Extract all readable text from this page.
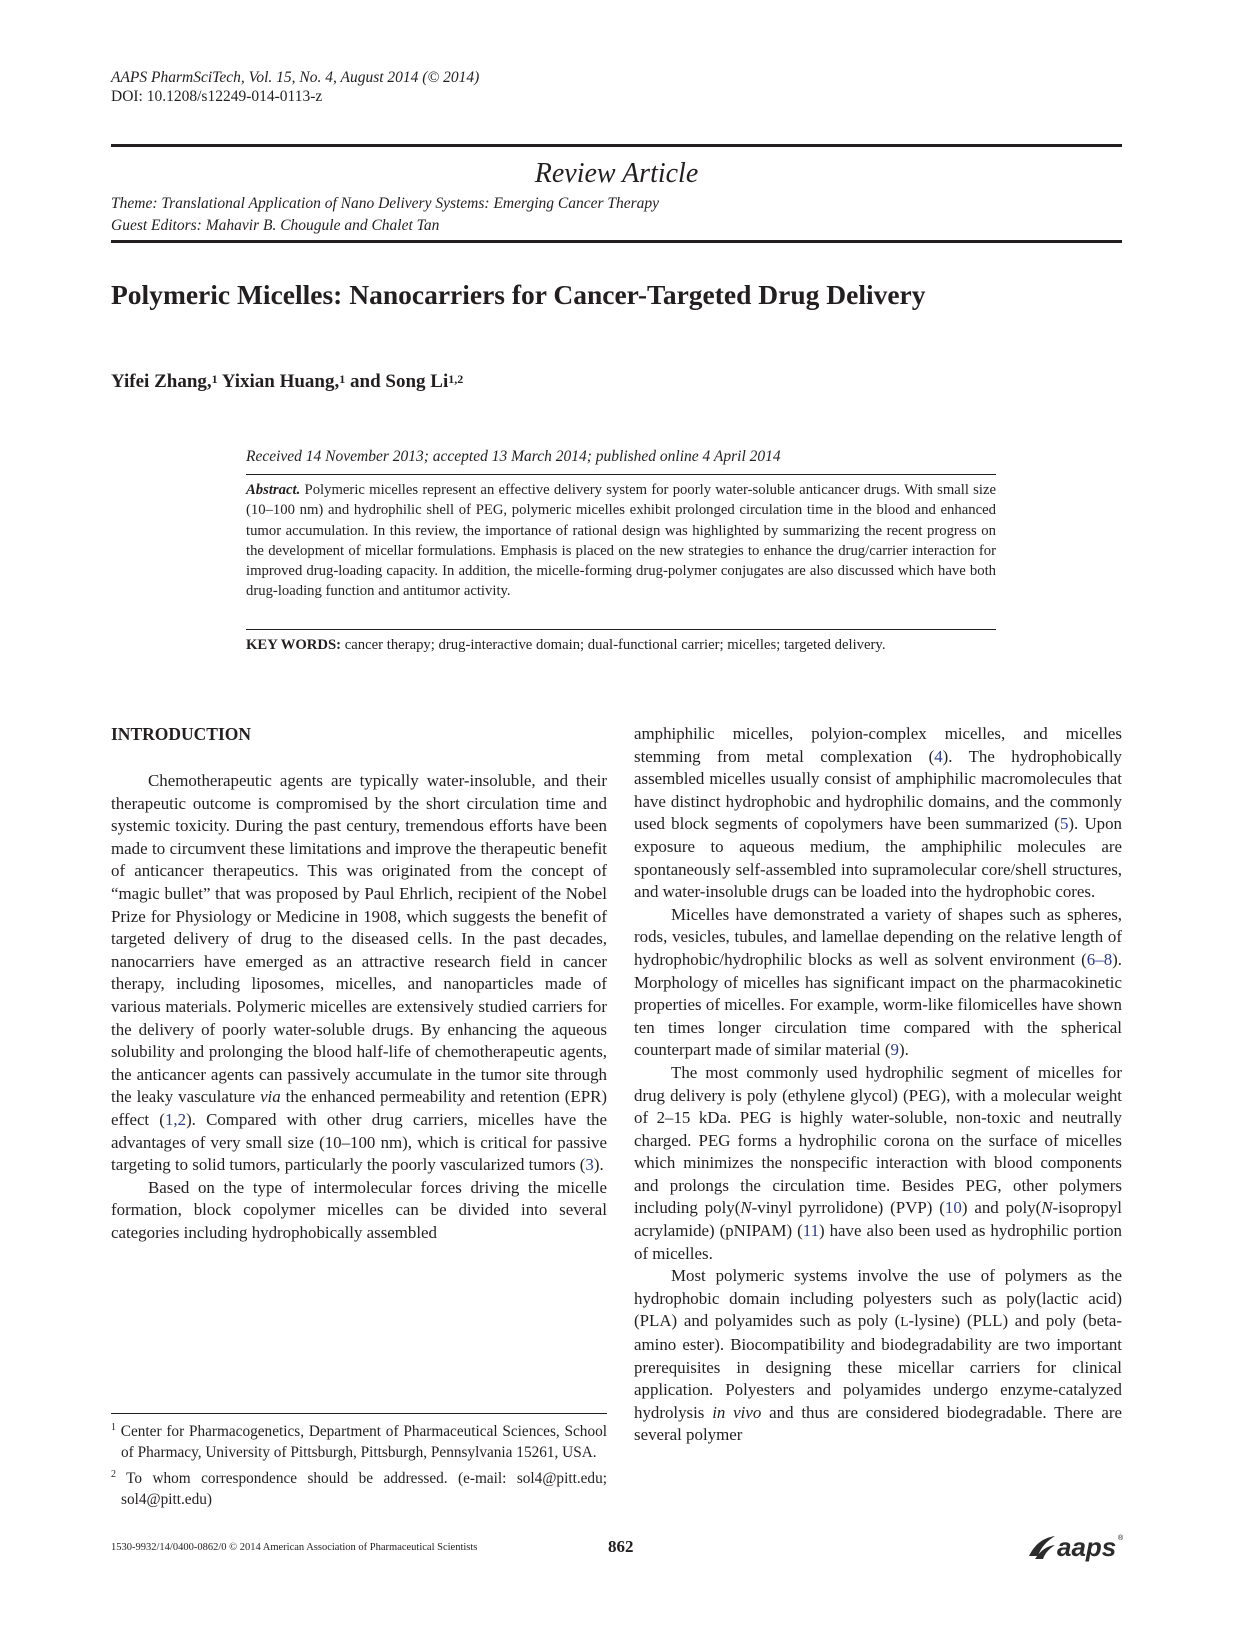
AAPS PharmSciTech, Vol. 15, No. 4, August 2014 (© 2014)
DOI: 10.1208/s12249-014-0113-z
Review Article
Theme: Translational Application of Nano Delivery Systems: Emerging Cancer Therapy
Guest Editors: Mahavir B. Chougule and Chalet Tan
Polymeric Micelles: Nanocarriers for Cancer-Targeted Drug Delivery
Yifei Zhang,$^1$ Yixian Huang,$^1$ and Song Li$^{1,2}$
Received 14 November 2013; accepted 13 March 2014; published online 4 April 2014
Abstract. Polymeric micelles represent an effective delivery system for poorly water-soluble anticancer drugs. With small size (10–100 nm) and hydrophilic shell of PEG, polymeric micelles exhibit prolonged circulation time in the blood and enhanced tumor accumulation. In this review, the importance of rational design was highlighted by summarizing the recent progress on the development of micellar formulations. Emphasis is placed on the new strategies to enhance the drug/carrier interaction for improved drug-loading capacity. In addition, the micelle-forming drug-polymer conjugates are also discussed which have both drug-loading function and antitumor activity.
KEY WORDS: cancer therapy; drug-interactive domain; dual-functional carrier; micelles; targeted delivery.
INTRODUCTION

Chemotherapeutic agents are typically water-insoluble, and their therapeutic outcome is compromised by the short circulation time and systemic toxicity. During the past century, tremendous efforts have been made to circumvent these limitations and improve the therapeutic benefit of anticancer therapeutics. This was originated from the concept of “magic bullet” that was proposed by Paul Ehrlich, recipient of the Nobel Prize for Physiology or Medicine in 1908, which suggests the benefit of targeted delivery of drug to the diseased cells. In the past decades, nanocarriers have emerged as an attractive research field in cancer therapy, including liposomes, micelles, and nanoparticles made of various materials. Polymeric micelles are extensively studied carriers for the delivery of poorly water-soluble drugs. By enhancing the aqueous solubility and prolonging the blood half-life of chemotherapeutic agents, the anticancer agents can passively accumulate in the tumor site through the leaky vasculature via the enhanced permeability and retention (EPR) effect (1,2). Compared with other drug carriers, micelles have the advantages of very small size (10–100 nm), which is critical for passive targeting to solid tumors, particularly the poorly vascularized tumors (3).

Based on the type of intermolecular forces driving the micelle formation, block copolymer micelles can be divided into several categories including hydrophobically assembled

amphiphilic micelles, polyion-complex micelles, and micelles stemming from metal complexation (4). The hydrophobically assembled micelles usually consist of amphiphilic macromolecules that have distinct hydrophobic and hydrophilic domains, and the commonly used block segments of copolymers have been summarized (5). Upon exposure to aqueous medium, the amphiphilic molecules are spontaneously self-assembled into supramolecular core/shell structures, and water-insoluble drugs can be loaded into the hydrophobic cores.

Micelles have demonstrated a variety of shapes such as spheres, rods, vesicles, tubules, and lamellae depending on the relative length of hydrophobic/hydrophilic blocks as well as solvent environment (6–8). Morphology of micelles has significant impact on the pharmacokinetic properties of micelles. For example, worm-like filomicelles have shown ten times longer circulation time compared with the spherical counterpart made of similar material (9).

The most commonly used hydrophilic segment of micelles for drug delivery is poly (ethylene glycol) (PEG), with a molecular weight of 2–15 kDa. PEG is highly water-soluble, non-toxic and neutrally charged. PEG forms a hydrophilic corona on the surface of micelles which minimizes the nonspecific interaction with blood components and prolongs the circulation time. Besides PEG, other polymers including poly(N-vinyl pyrrolidone) (PVP) (10) and poly(N-isopropyl acrylamide) (pNIPAM) (11) have also been used as hydrophilic portion of micelles.

Most polymeric systems involve the use of polymers as the hydrophobic domain including polyesters such as poly(lactic acid) (PLA) and polyamides such as poly (L-lysine) (PLL) and poly (beta-amino ester). Biocompatibility and biodegradability are two important prerequisites in designing these micellar carriers for clinical application. Polyesters and polyamides undergo enzyme-catalyzed hydrolysis in vivo and thus are considered biodegradable. There are several polymer

$^1$ Center for Pharmacogenetics, Department of Pharmaceutical Sciences, School of Pharmacy, University of Pittsburgh, Pittsburgh, Pennsylvania 15261, USA.

$^2$ To whom correspondence should be addressed. (e-mail: sol4@pitt.edu; sol4@pitt.edu)

1530-9932/14/0400-0862/0 © 2014 American Association of Pharmaceutical Scientists	862	aaps ®
